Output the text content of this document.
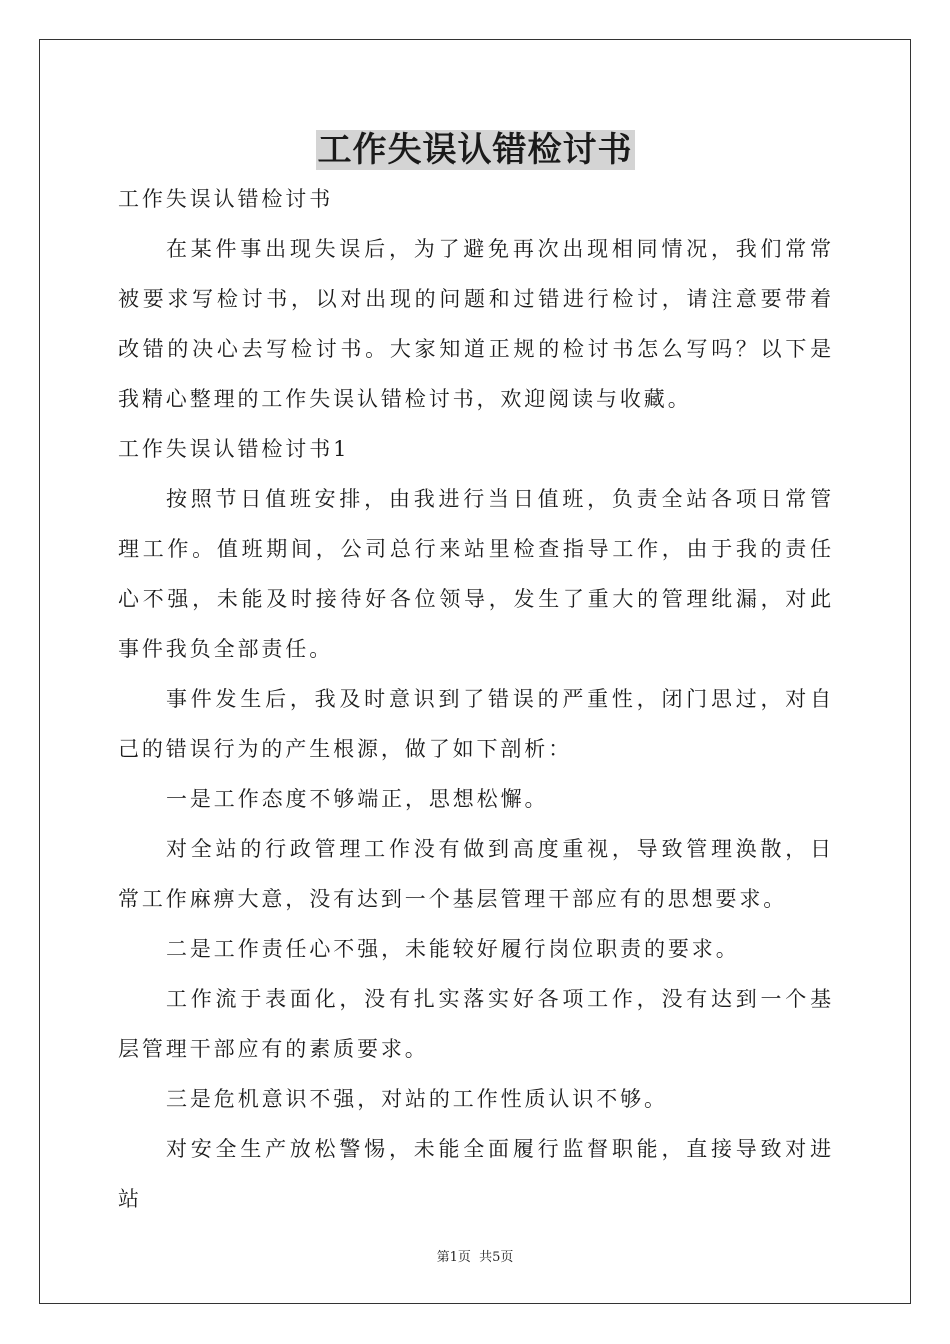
工作失误认错检讨书

工作失误认错检讨书

在某件事出现失误后，为了避免再次出现相同情况，我们常常被要求写检讨书，以对出现的问题和过错进行检讨，请注意要带着改错的决心去写检讨书。大家知道正规的检讨书怎么写吗？以下是我精心整理的工作失误认错检讨书，欢迎阅读与收藏。

工作失误认错检讨书1

按照节日值班安排，由我进行当日值班，负责全站各项日常管理工作。值班期间，公司总行来站里检查指导工作，由于我的责任心不强，未能及时接待好各位领导，发生了重大的管理纰漏，对此事件我负全部责任。

事件发生后，我及时意识到了错误的严重性，闭门思过，对自己的错误行为的产生根源，做了如下剖析：

一是工作态度不够端正，思想松懈。

对全站的行政管理工作没有做到高度重视，导致管理涣散，日常工作麻痹大意，没有达到一个基层管理干部应有的思想要求。

二是工作责任心不强，未能较好履行岗位职责的要求。

工作流于表面化，没有扎实落实好各项工作，没有达到一个基层管理干部应有的素质要求。

三是危机意识不强，对站的工作性质认识不够。

对安全生产放松警惕，未能全面履行监督职能，直接导致对进站

第1页 共5页
